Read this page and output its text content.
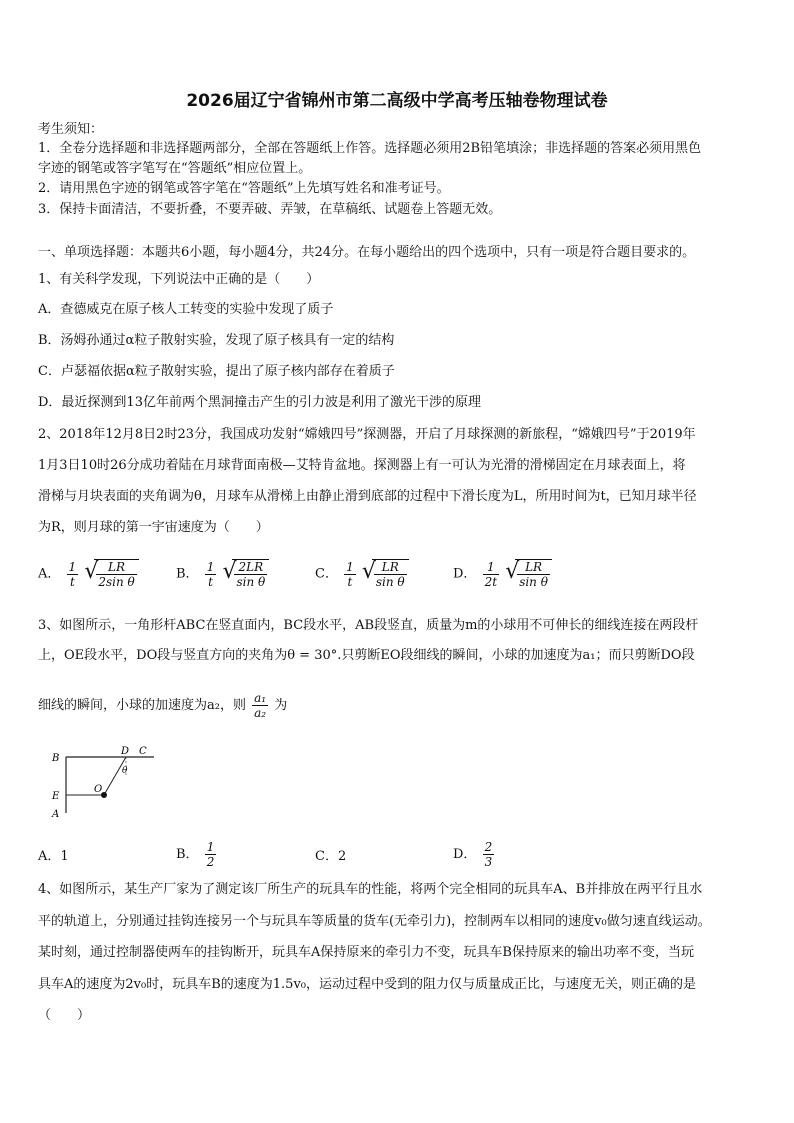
2026届辽宁省锦州市第二高级中学高考压轴卷物理试卷
考生须知：
1．全卷分选择题和非选择题两部分，全部在答题纸上作答。选择题必须用2B铅笔填涂；非选择题的答案必须用黑色
字迹的钢笔或答字笔写在“答题纸”相应位置上。
2．请用黑色字迹的钢笔或答字笔在“答题纸”上先填写姓名和准考证号。
3．保持卡面清洁，不要折叠，不要弄破、弄皱，在草稿纸、试题卷上答题无效。
一、单项选择题：本题共6小题，每小题4分，共24分。在每小题给出的四个选项中，只有一项是符合题目要求的。
1、有关科学发现，下列说法中正确的是（　　）
A．查德威克在原子核人工转变的实验中发现了质子
B．汤姆孙通过α粒子散射实验，发现了原子核具有一定的结构
C．卢瑟福依据α粒子散射实验，提出了原子核内部存在着质子
D．最近探测到13亿年前两个黑洞撞击产生的引力波是利用了激光干涉的原理
2、2018年12月8日2时23分，我国成功发射“嫦娥四号”探测器，开启了月球探测的新旅程，“嫦娥四号”于2019年
1月3日10时26分成功着陆在月球背面南极—艾特肯盆地。探测器上有一可认为光滑的滑梯固定在月球表面上，将
滑梯与月块表面的夹角调为θ，月球车从滑梯上由静止滑到底部的过程中下滑长度为L，所用时间为t，已知月球半径
为R，则月球的第一宇宙速度为（　　）
A． $\frac{1}{t}$
√
$\frac{LR}{\text{2sin θ}}$	B． $\frac{1}{t}$
√
$\frac{2LR}{\text{sin θ}}$	C． $\frac{1}{t}$
√
$\frac{LR}{\text{sin θ}}$	D． $\frac{1}{2t}$
√
$\frac{LR}{\text{sin θ}}$
3、如图所示，一角形杆ABC在竖直面内，BC段水平，AB段竖直，质量为m的小球用不可伸长的细线连接在两段杆
上，OE段水平，DO段与竖直方向的夹角为θ = 30°.只剪断EO段细线的瞬间，小球的加速度为a₁；而只剪断DO段
细线的瞬间，小球的加速度为a₂，则 $\frac{\text{a₁}}{\text{a₂}}$ 为
B
D C
θ
E
O
A
A．1	B． $\frac{1}{2}$	C．2	D． $\frac{2}{3}$
4、如图所示，某生产厂家为了测定该厂所生产的玩具车的性能，将两个完全相同的玩具车A、B并排放在两平行且水
平的轨道上，分别通过挂钩连接另一个与玩具车等质量的货车(无牵引力)，控制两车以相同的速度v₀做匀速直线运动。
某时刻，通过控制器使两车的挂钩断开，玩具车A保持原来的牵引力不变，玩具车B保持原来的输出功率不变，当玩
具车A的速度为2v₀时，玩具车B的速度为1.5v₀，运动过程中受到的阻力仅与质量成正比，与速度无关，则正确的是
（　　）
